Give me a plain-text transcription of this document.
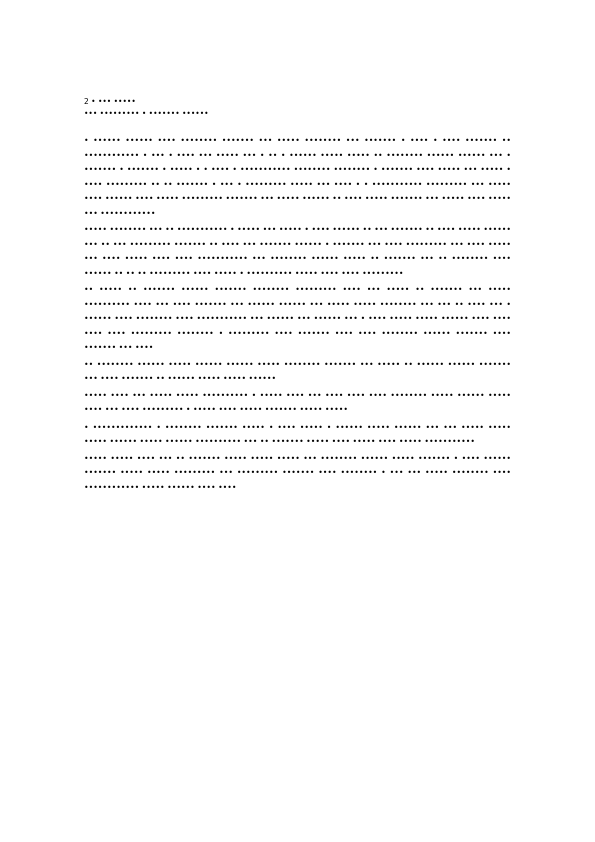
2 • ••• •••••
••• ••••••••• • ••••••• ••••••

• •••••• •••••• •••• •••••••• ••••••• ••• ••••• •••••••• ••• ••••••• • •••• • •••• ••••••• •• •••••••••••• • ••• • •••• ••• ••••• ••• • •• • •••••• ••••• ••••• •• •••••••• •••••• •••••• ••• • ••••••• • ••••••• • ••••• • • •••• • ••••••••••• •••••••• •••••••• • ••••••• •••• ••••• ••• ••••• • •••• ••••••••• •• •• ••••••• • ••• • ••••••••• ••••• ••• •••• • • ••••••••••• ••••••••• ••• ••••• •••• •••••• •••• ••••• ••••••••• ••••••• ••• ••••• •••••• •• •••• ••••• ••••••• ••• ••••• •••• ••••• ••• ••••••••••••

••••• •••••••• ••• •• ••••••••••• • ••••• ••• ••••• • •••• •••••• •• ••• ••••••• •• •••• ••••• •••••• ••• •• ••• ••••••••• ••••••• •• •••• ••• ••••••• •••••• • ••••••• ••• •••• ••••••••• ••• •••• ••••• ••• •••• ••••• •••• •••• ••••••••••• ••• •••••••• •••••• ••••• •• ••••••• ••• •• •••••••• •••• •••••• •• •• •• ••••••••• •••• ••••• • •••••••••• ••••• •••• •••• •••••••••

•• ••••• •• ••••••• •••••• ••••••• •••••••• ••••••••• •••• ••• ••••• •• ••••••• ••• ••••• •••••••••• •••• ••• •••• ••••••• ••• •••••• •••••• ••• ••••• ••••• •••••••• ••• ••• •• •••• ••• • •••••• •••• •••••••• •••• ••••••••••• ••• •••••• ••• •••••• ••• • •••• ••••• ••••• •••••• •••• •••• •••• •••• ••••••••• •••••••• • ••••••••• •••• ••••••• •••• •••• •••••••• •••••• ••••••• •••• ••••••• ••• ••••

•• •••••••• •••••• ••••• •••••• •••••• ••••• •••••••• ••••••• ••• ••••• •• •••••• •••••• ••••••• ••• •••• ••••••• •• •••••• ••••• ••••• ••••••

••••• •••• ••• ••••• ••••• •••••••••• • ••••• •••• ••• •••• •••• •••• •••••••• ••••• •••••• ••••• •••• ••• •••• ••••••••• • ••••• •••• ••••• ••••••• ••••• •••••

• ••••••••••••• • •••••••• ••••••• ••••• • •••• ••••• • •••••• ••••• •••••• ••• ••• ••••• ••••• ••••• •••••• ••••• •••••• •••••••••• ••• •• ••••••• ••••• •••• ••••• •••• ••••• •••••••••••

••••• ••••• •••• ••• •• ••••••• ••••• ••••• ••••• ••• •••••••• •••••• ••••• ••••••• • •••• •••••• ••••••• ••••• ••••• ••••••••• ••• ••••••••• ••••••• •••• •••••••• • ••• ••• ••••• •••••••• •••• •••••••••••• ••••• •••••• •••• ••••
